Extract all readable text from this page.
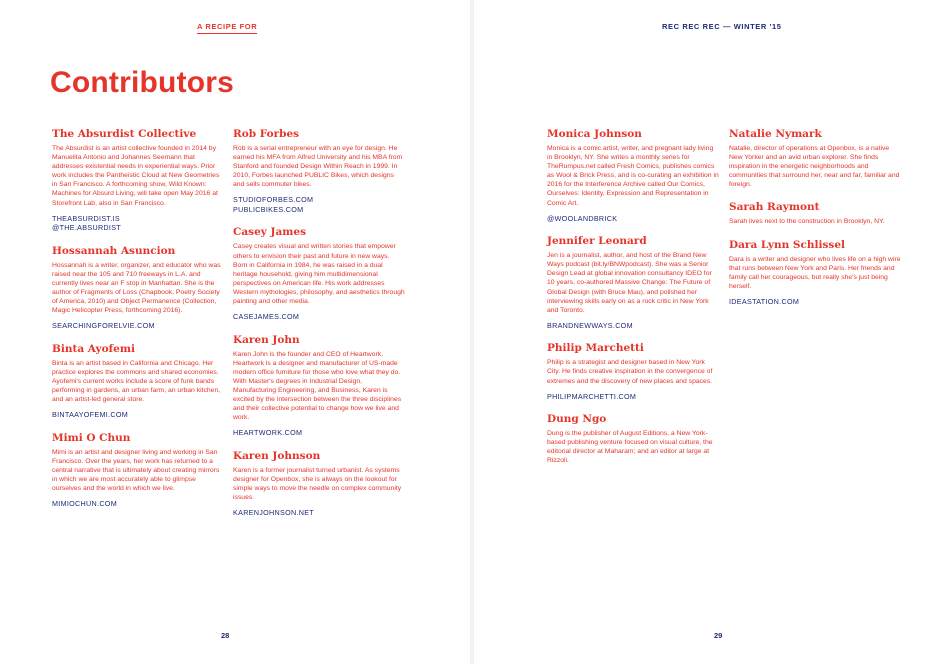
A RECIPE FOR
Contributors
The Absurdist Collective

The Absurdist is an artist collective founded in 2014 by Manuelita Antonio and Johannes Seemann that addresses existential needs in experiential ways. Prior work includes the Pantheistic Cloud at New Geometries in San Francisco. A forthcoming show, Wild Known: Machines for Absurd Living, will take open May 2016 at Storefront Lab, also in San Francisco.

THEABSURDIST.IS
@THE.ABSURDIST
Hossannah Asuncion

Hossannah is a writer, organizer, and educator who was raised near the 105 and 710 freeways in L.A. and currently lives near an F stop in Manhattan. She is the author of Fragments of Loss (Chapbook, Poetry Society of America, 2010) and Object Permanence (Collection, Magic Helicopter Press, forthcoming 2016).

SEARCHINGFORELVIE.COM
Binta Ayofemi

Binta is an artist based in California and Chicago. Her practice explores the commons and shared economies. Ayofemi's current works include a score of funk bands performing in gardens, an urban farm, an urban kitchen, and an artist-led general store.

BINTAAYOFEMI.COM
Mimi O Chun

Mimi is an artist and designer living and working in San Francisco. Over the years, her work has returned to a central narrative that is ultimately about creating mirrors in which we are most accurately able to glimpse ourselves and the world in which we live.

MIMIOCHUN.COM
Rob Forbes

Rob is a serial entrepreneur with an eye for design. He earned his MFA from Alfred University and his MBA from Stanford and founded Design Within Reach in 1999. In 2010, Forbes launched PUBLIC Bikes, which designs and sells commuter bikes.

STUDIOFORBES.COM
PUBLICBIKES.COM
Casey James

Casey creates visual and written stories that empower others to envision their past and future in new ways. Born in California in 1984, he was raised in a dual heritage household, giving him multidimensional perspectives on American life. His work addresses Western mythologies, philosophy, and aesthetics through painting and other media.

CASEJAMES.COM
Karen John

Karen John is the founder and CEO of Heartwork. Heartwork is a designer and manufacturer of US-made modern office furniture for those who love what they do. With Master's degrees in Industrial Design, Manufacturing Engineering, and Business, Karen is excited by the intersection between the three disciplines and their collective potential to change how we live and work.

HEARTWORK.COM
Karen Johnson

Karen is a former journalist turned urbanist. As systems designer for Openbox, she is always on the lookout for simple ways to move the needle on complex community issues.

KARENJOHNSON.NET
28
REC REC REC — WINTER '15
Monica Johnson

Monica is a comic artist, writer, and pregnant lady living in Brooklyn, NY. She writes a monthly series for TheRumpus.net called Fresh Comics, publishes comics as Wool & Brick Press, and is co-curating an exhibition in 2016 for the Interference Archive called Our Comics, Ourselves: Identity, Expression and Representation in Comic Art.

@WOOLANDBRICK
Jennifer Leonard

Jen is a journalist, author, and host of the Brand New Ways podcast (bit.ly/BNWpodcast). She was a Senior Design Lead at global innovation consultancy IDEO for 10 years, co-authored Massive Change: The Future of Global Design (with Bruce Mau), and polished her interviewing skills early on as a rock critic in New York and Toronto.

BRANDNEWWAYS.COM
Philip Marchetti

Philip is a strategist and designer based in New York City. He finds creative inspiration in the convergence of extremes and the discovery of new places and spaces.

PHILIPMARCHETTI.COM
Dung Ngo

Dung is the publisher of August Editions, a New York-based publishing venture focused on visual culture, the editorial director at Maharam; and an editor at large at Rizzoli.

Natalie Nymark

Natalie, director of operations at Openbox, is a native New Yorker and an avid urban explorer. She finds inspiration in the energetic neighborhoods and communities that surround her, near and far, familiar and foreign.

Sarah Raymont

Sarah lives next to the construction in Brooklyn, NY.

Dara Lynn Schlissel

Dara is a writer and designer who lives life on a high wire that runs between New York and Paris. Her friends and family call her courageous, but really she's just being herself.

IDEASTATION.COM
29
